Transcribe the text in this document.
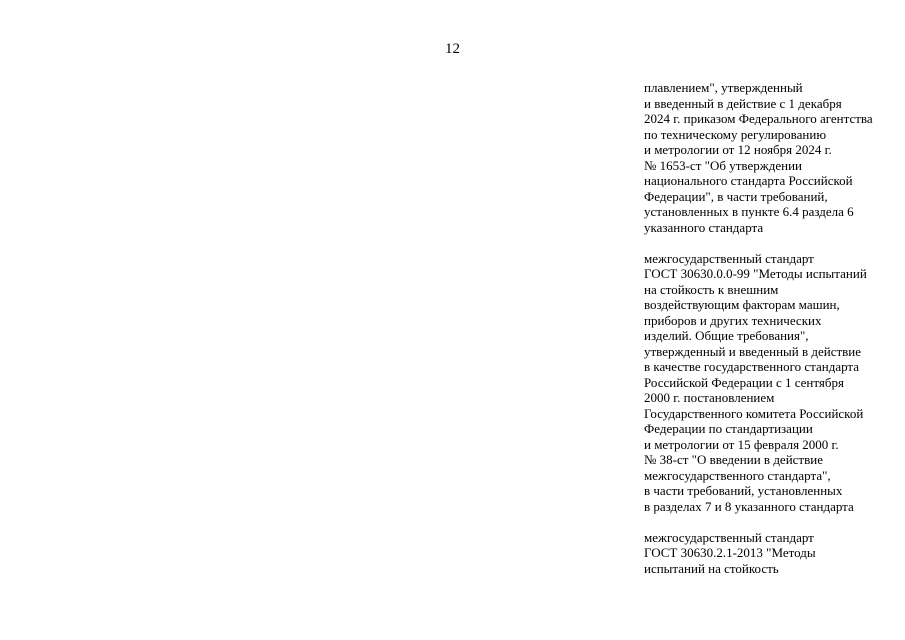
12
плавлением", утвержденный
и введенный в действие с 1 декабря
2024 г. приказом Федерального агентства
по техническому регулированию
и метрологии от 12 ноября 2024 г.
№ 1653-ст "Об утверждении
национального стандарта Российской
Федерации", в части требований,
установленных в пункте 6.4 раздела 6
указанного стандарта
межгосударственный стандарт
ГОСТ 30630.0.0-99 "Методы испытаний
на стойкость к внешним
воздействующим факторам машин,
приборов и других технических
изделий. Общие требования",
утвержденный и введенный в действие
в качестве государственного стандарта
Российской Федерации с 1 сентября
2000 г. постановлением
Государственного комитета Российской
Федерации по стандартизации
и метрологии от 15 февраля 2000 г.
№ 38-ст "О введении в действие
межгосударственного стандарта",
в части требований, установленных
в разделах 7 и 8 указанного стандарта
межгосударственный стандарт
ГОСТ 30630.2.1-2013 "Методы
испытаний на стойкость
